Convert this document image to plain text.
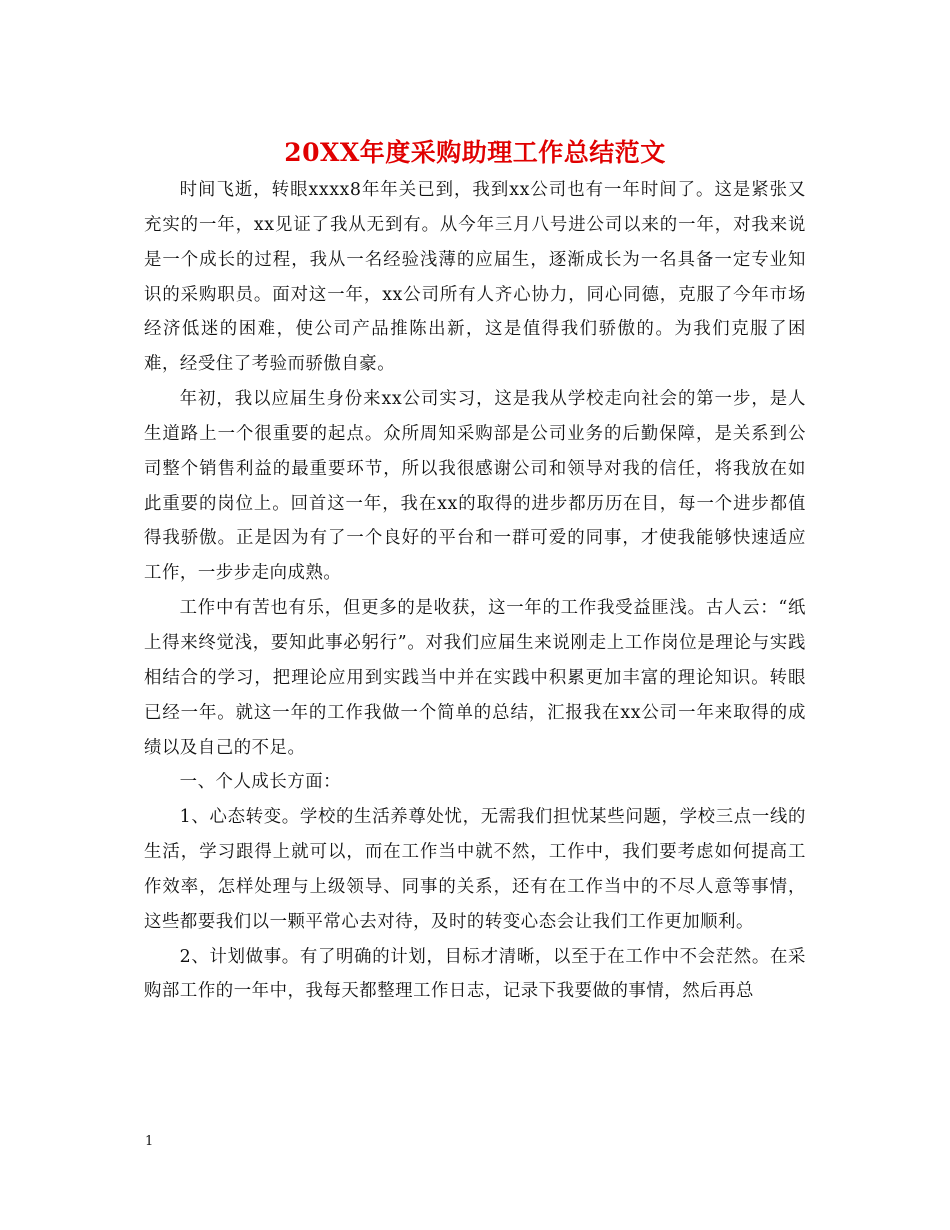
20XX年度采购助理工作总结范文

时间飞逝，转眼xxxx8年年关已到，我到xx公司也有一年时间了。这是紧张又充实的一年，xx见证了我从无到有。从今年三月八号进公司以来的一年，对我来说是一个成长的过程，我从一名经验浅薄的应届生，逐渐成长为一名具备一定专业知识的采购职员。面对这一年，xx公司所有人齐心协力，同心同德，克服了今年市场经济低迷的困难，使公司产品推陈出新，这是值得我们骄傲的。为我们克服了困难，经受住了考验而骄傲自豪。

年初，我以应届生身份来xx公司实习，这是我从学校走向社会的第一步，是人生道路上一个很重要的起点。众所周知采购部是公司业务的后勤保障，是关系到公司整个销售利益的最重要环节，所以我很感谢公司和领导对我的信任，将我放在如此重要的岗位上。回首这一年，我在xx的取得的进步都历历在目，每一个进步都值得我骄傲。正是因为有了一个良好的平台和一群可爱的同事，才使我能够快速适应工作，一步步走向成熟。

工作中有苦也有乐，但更多的是收获，这一年的工作我受益匪浅。古人云：“纸上得来终觉浅，要知此事必躬行”。对我们应届生来说刚走上工作岗位是理论与实践相结合的学习，把理论应用到实践当中并在实践中积累更加丰富的理论知识。转眼已经一年。就这一年的工作我做一个简单的总结，汇报我在xx公司一年来取得的成绩以及自己的不足。

一、个人成长方面：

1、心态转变。学校的生活养尊处忧，无需我们担忧某些问题，学校三点一线的生活，学习跟得上就可以，而在工作当中就不然，工作中，我们要考虑如何提高工作效率，怎样处理与上级领导、同事的关系，还有在工作当中的不尽人意等事情，这些都要我们以一颗平常心去对待，及时的转变心态会让我们工作更加顺利。

2、计划做事。有了明确的计划，目标才清晰，以至于在工作中不会茫然。在采购部工作的一年中，我每天都整理工作日志，记录下我要做的事情，然后再总

1
